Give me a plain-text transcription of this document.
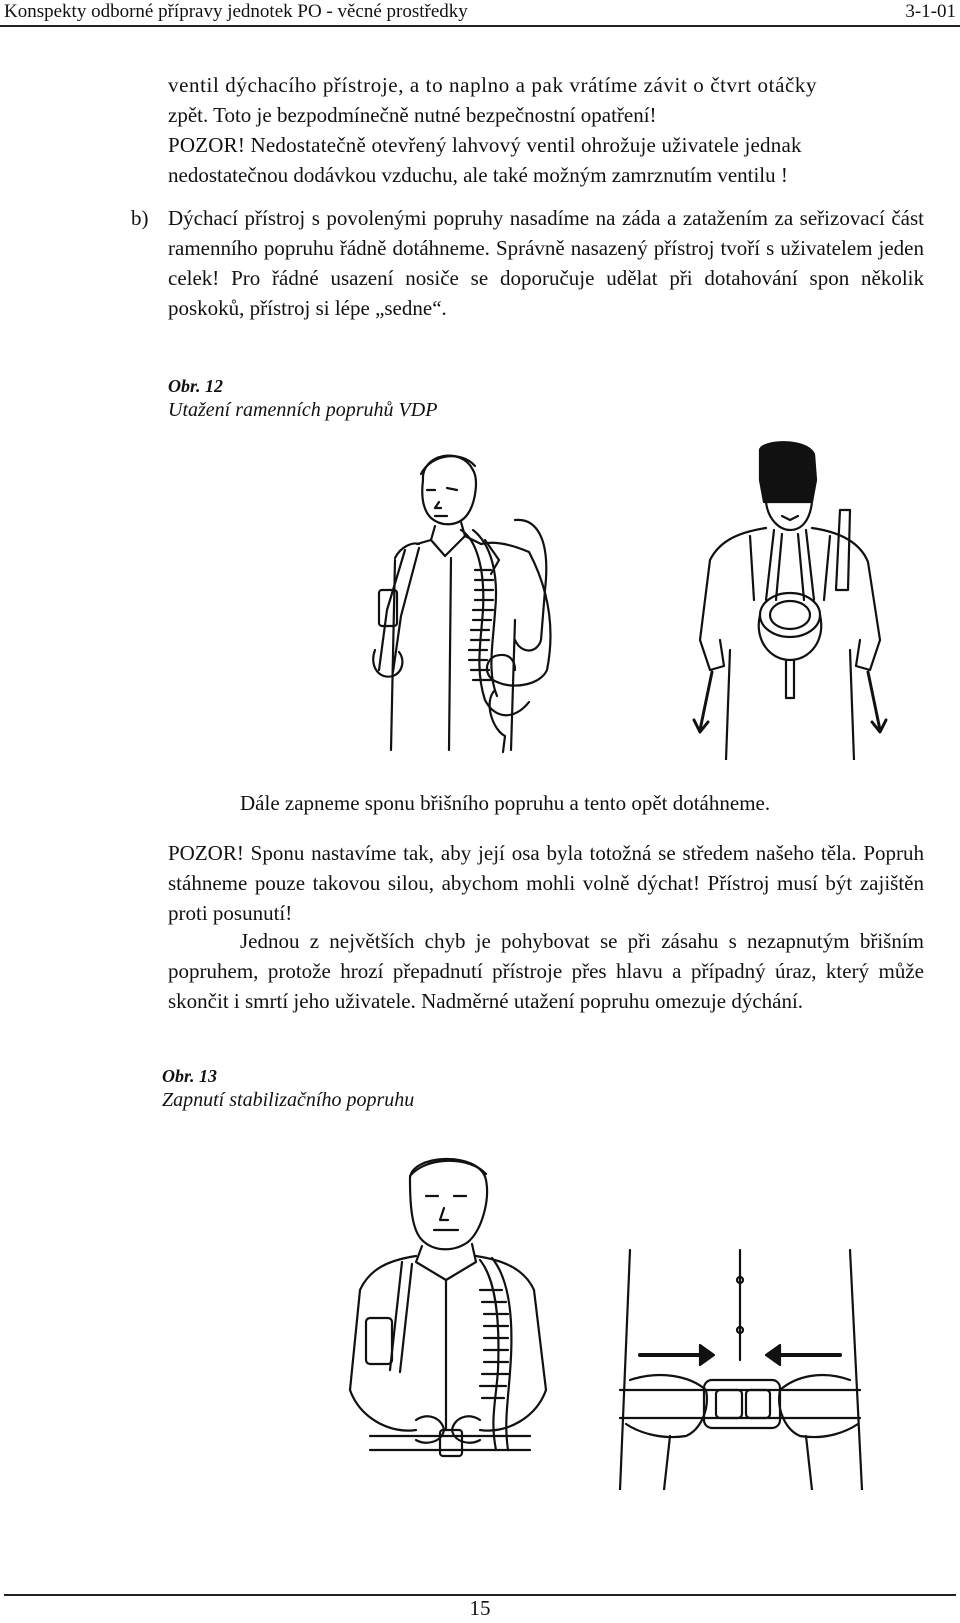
Konspekty odborné přípravy jednotek PO - věcné prostředky	3-1-01
ventil dýchacího přístroje, a to naplno a pak vrátíme závit o čtvrt otáčky
zpět. Toto je bezpodmínečně nutné bezpečnostní opatření!
POZOR! Nedostatečně otevřený lahvový ventil ohrožuje uživatele jednak
nedostatečnou dodávkou vzduchu, ale také možným zamrznutím ventilu !
b) Dýchací přístroj s povolenými popruhy nasadíme na záda a zatažením za seřizovací část ramenního popruhu řádně dotáhneme. Správně nasazený přístroj tvoří s uživatelem jeden celek! Pro řádné usazení nosiče se doporučuje udělat při dotahování spon několik poskoků, přístroj si lépe „sedne“.

Obr. 12
Utažení ramenních popruhů VDP

Dále zapneme sponu břišního popruhu a tento opět dotáhneme.

POZOR! Sponu nastavíme tak, aby její osa byla totožná se středem našeho těla. Popruh stáhneme pouze takovou silou, abychom mohli volně dýchat! Přístroj musí být zajištěn proti posunutí!

Jednou z největších chyb je pohybovat se při zásahu s nezapnutým břišním popruhem, protože hrozí přepadnutí přístroje přes hlavu a případný úraz, který může skončit i smrtí jeho uživatele. Nadměrné utažení popruhu omezuje dýchání.

Obr. 13
Zapnutí stabilizačního popruhu
15
